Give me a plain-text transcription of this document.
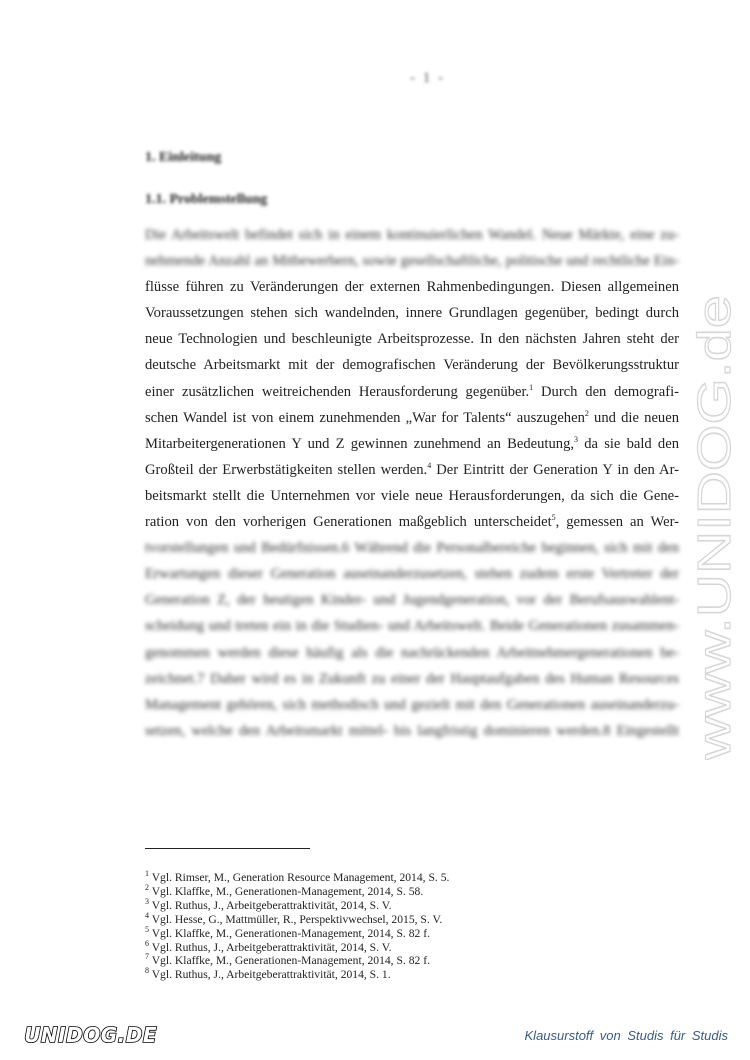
- 1 -
1. Einleitung
1.1. Problemstellung
Die Arbeitswelt befindet sich in einem kontinuierlichen Wandel. Neue Märkte, eine zu-
nehmende Anzahl an Mitbewerbern, sowie gesellschaftliche, politische und rechtliche Ein-
flüsse führen zu Veränderungen der externen Rahmenbedingungen. Diesen allgemeinen
Voraussetzungen stehen sich wandelnden, innere Grundlagen gegenüber, bedingt durch
neue Technologien und beschleunigte Arbeitsprozesse. In den nächsten Jahren steht der
deutsche Arbeitsmarkt mit der demografischen Veränderung der Bevölkerungsstruktur
einer zusätzlichen weitreichenden Herausforderung gegenüber.$^1$ Durch den demografi-
schen Wandel ist von einem zunehmenden „War for Talents“ auszugehen$^2$ und die neuen
Mitarbeitergenerationen Y und Z gewinnen zunehmend an Bedeutung,$^3$ da sie bald den
Großteil der Erwerbstätigkeiten stellen werden.$^4$ Der Eintritt der Generation Y in den Ar-
beitsmarkt stellt die Unternehmen vor viele neue Herausforderungen, da sich die Gene-
ration von den vorherigen Generationen maßgeblich unterscheidet$^5$, gemessen an Wer-
tvorstellungen und Bedürfnissen.6 Während die Personalbereiche beginnen, sich mit den
Erwartungen dieser Generation auseinanderzusetzen, stehen zudem erste Vertreter der
Generation Z, der heutigen Kinder- und Jugendgeneration, vor der Berufsauswahlent-
scheidung und treten ein in die Studien- und Arbeitswelt. Beide Generationen zusammen-
genommen werden diese häufig als die nachrückenden Arbeitnehmergenerationen be-
zeichnet.7 Daher wird es in Zukunft zu einer der Hauptaufgaben des Human Resources
Management gehören, sich methodisch und gezielt mit den Generationen auseinanderzu-
setzen, welche den Arbeitsmarkt mittel- bis langfristig dominieren werden.8 Eingestellt
$^1$ Vgl. Rimser, M., Generation Resource Management, 2014, S. 5.
$^2$ Vgl. Klaffke, M., Generationen-Management, 2014, S. 58.
$^3$ Vgl. Ruthus, J., Arbeitgeberattraktivität, 2014, S. V.
$^4$ Vgl. Hesse, G., Mattmüller, R., Perspektivwechsel, 2015, S. V.
$^5$ Vgl. Klaffke, M., Generationen-Management, 2014, S. 82 f.
$^6$ Vgl. Ruthus, J., Arbeitgeberattraktivität, 2014, S. V.
$^7$ Vgl. Klaffke, M., Generationen-Management, 2014, S. 82 f.
$^8$ Vgl. Ruthus, J., Arbeitgeberattraktivität, 2014, S. 1.
www.UNIDOG.de
UNIDOG.DE	Klausurstoff von Studis für Studis
